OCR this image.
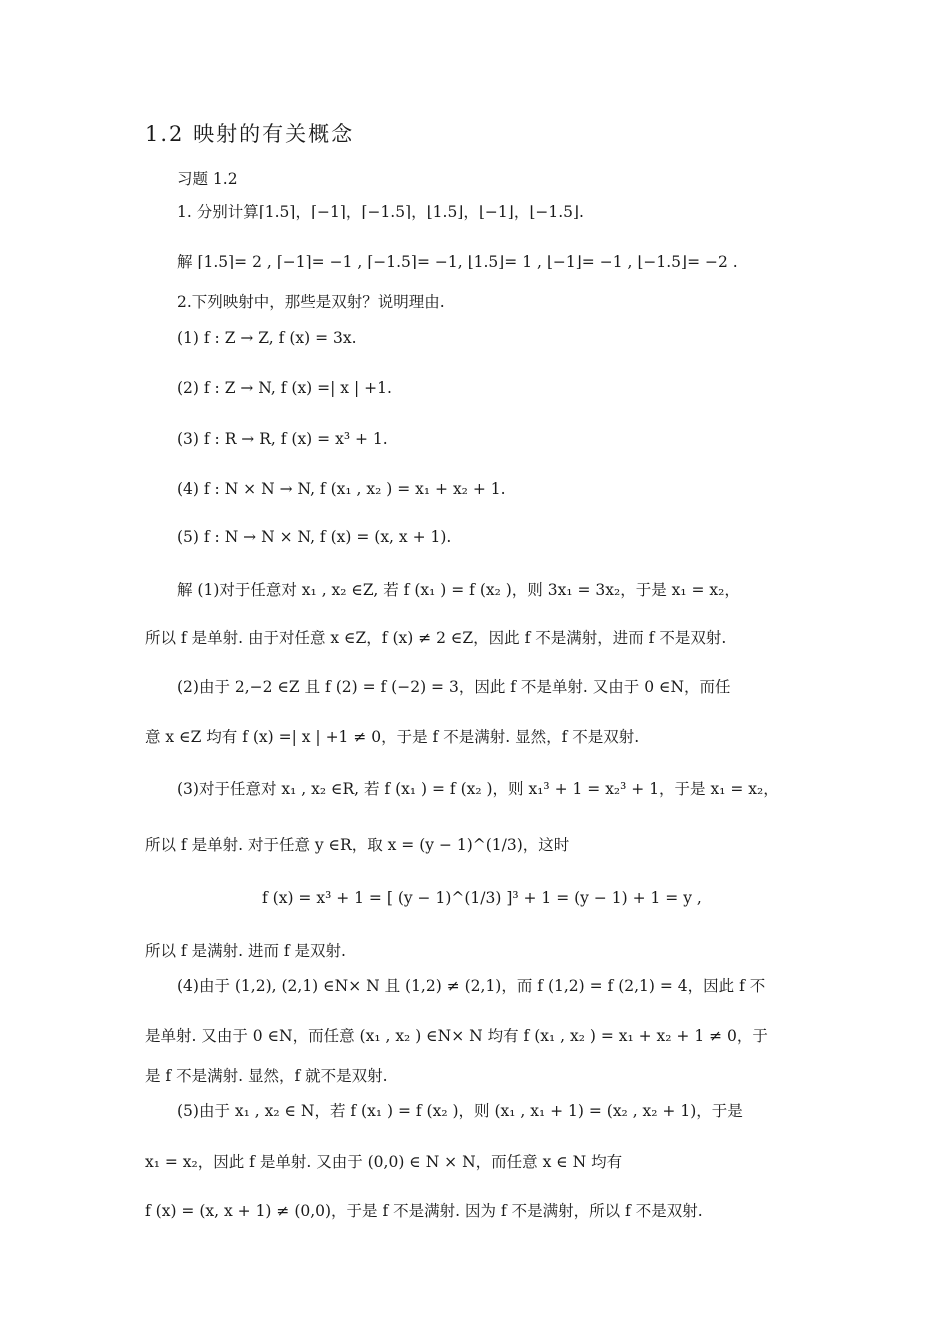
1.2 映射的有关概念
习题 1.2
1. 分别计算⌈1.5⌉，⌈−1⌉，⌈−1.5⌉，⌊1.5⌋，⌊−1⌋，⌊−1.5⌋.
解 ⌈1.5⌉= 2 , ⌈−1⌉= −1 , ⌈−1.5⌉= −1, ⌊1.5⌋= 1 , ⌊−1⌋= −1 , ⌊−1.5⌋= −2 .
2.下列映射中，那些是双射？说明理由.
(1) f : Z → Z, f (x) = 3x.
(2) f : Z → N, f (x) =| x | +1.
(3) f : R → R, f (x) = x³ + 1.
(4) f : N × N → N, f (x₁ , x₂ ) = x₁ + x₂ + 1.
(5) f : N → N × N, f (x) = (x, x + 1).
解 (1)对于任意对 x₁ , x₂ ∈Z, 若 f (x₁ ) = f (x₂ )，则 3x₁ = 3x₂，于是 x₁ = x₂，
所以 f 是单射. 由于对任意 x ∈Z，f (x) ≠ 2 ∈Z，因此 f 不是满射，进而 f 不是双射.
(2)由于 2,−2 ∈Z 且 f (2) = f (−2) = 3，因此 f 不是单射. 又由于 0 ∈N，而任
意 x ∈Z 均有 f (x) =| x | +1 ≠ 0，于是 f 不是满射. 显然，f 不是双射.
(3)对于任意对 x₁ , x₂ ∈R, 若 f (x₁ ) = f (x₂ )，则 x₁³ + 1 = x₂³ + 1，于是 x₁ = x₂，
所以 f 是单射. 对于任意 y ∈R，取 x = (y − 1)^(1/3)，这时
f (x) = x³ + 1 = [ (y − 1)^(1/3) ]³ + 1 = (y − 1) + 1 = y ,
所以 f 是满射. 进而 f 是双射.
(4)由于 (1,2), (2,1) ∈N× N 且 (1,2) ≠ (2,1)，而 f (1,2) = f (2,1) = 4，因此 f 不
是单射. 又由于 0 ∈N，而任意 (x₁ , x₂ ) ∈N× N 均有 f (x₁ , x₂ ) = x₁ + x₂ + 1 ≠ 0，于
是 f 不是满射. 显然，f 就不是双射.
(5)由于 x₁ , x₂ ∈ N，若 f (x₁ ) = f (x₂ )，则 (x₁ , x₁ + 1) = (x₂ , x₂ + 1)，于是
x₁ = x₂，因此 f 是单射. 又由于 (0,0) ∈ N × N，而任意 x ∈ N 均有
f (x) = (x, x + 1) ≠ (0,0)，于是 f 不是满射. 因为 f 不是满射，所以 f 不是双射.
